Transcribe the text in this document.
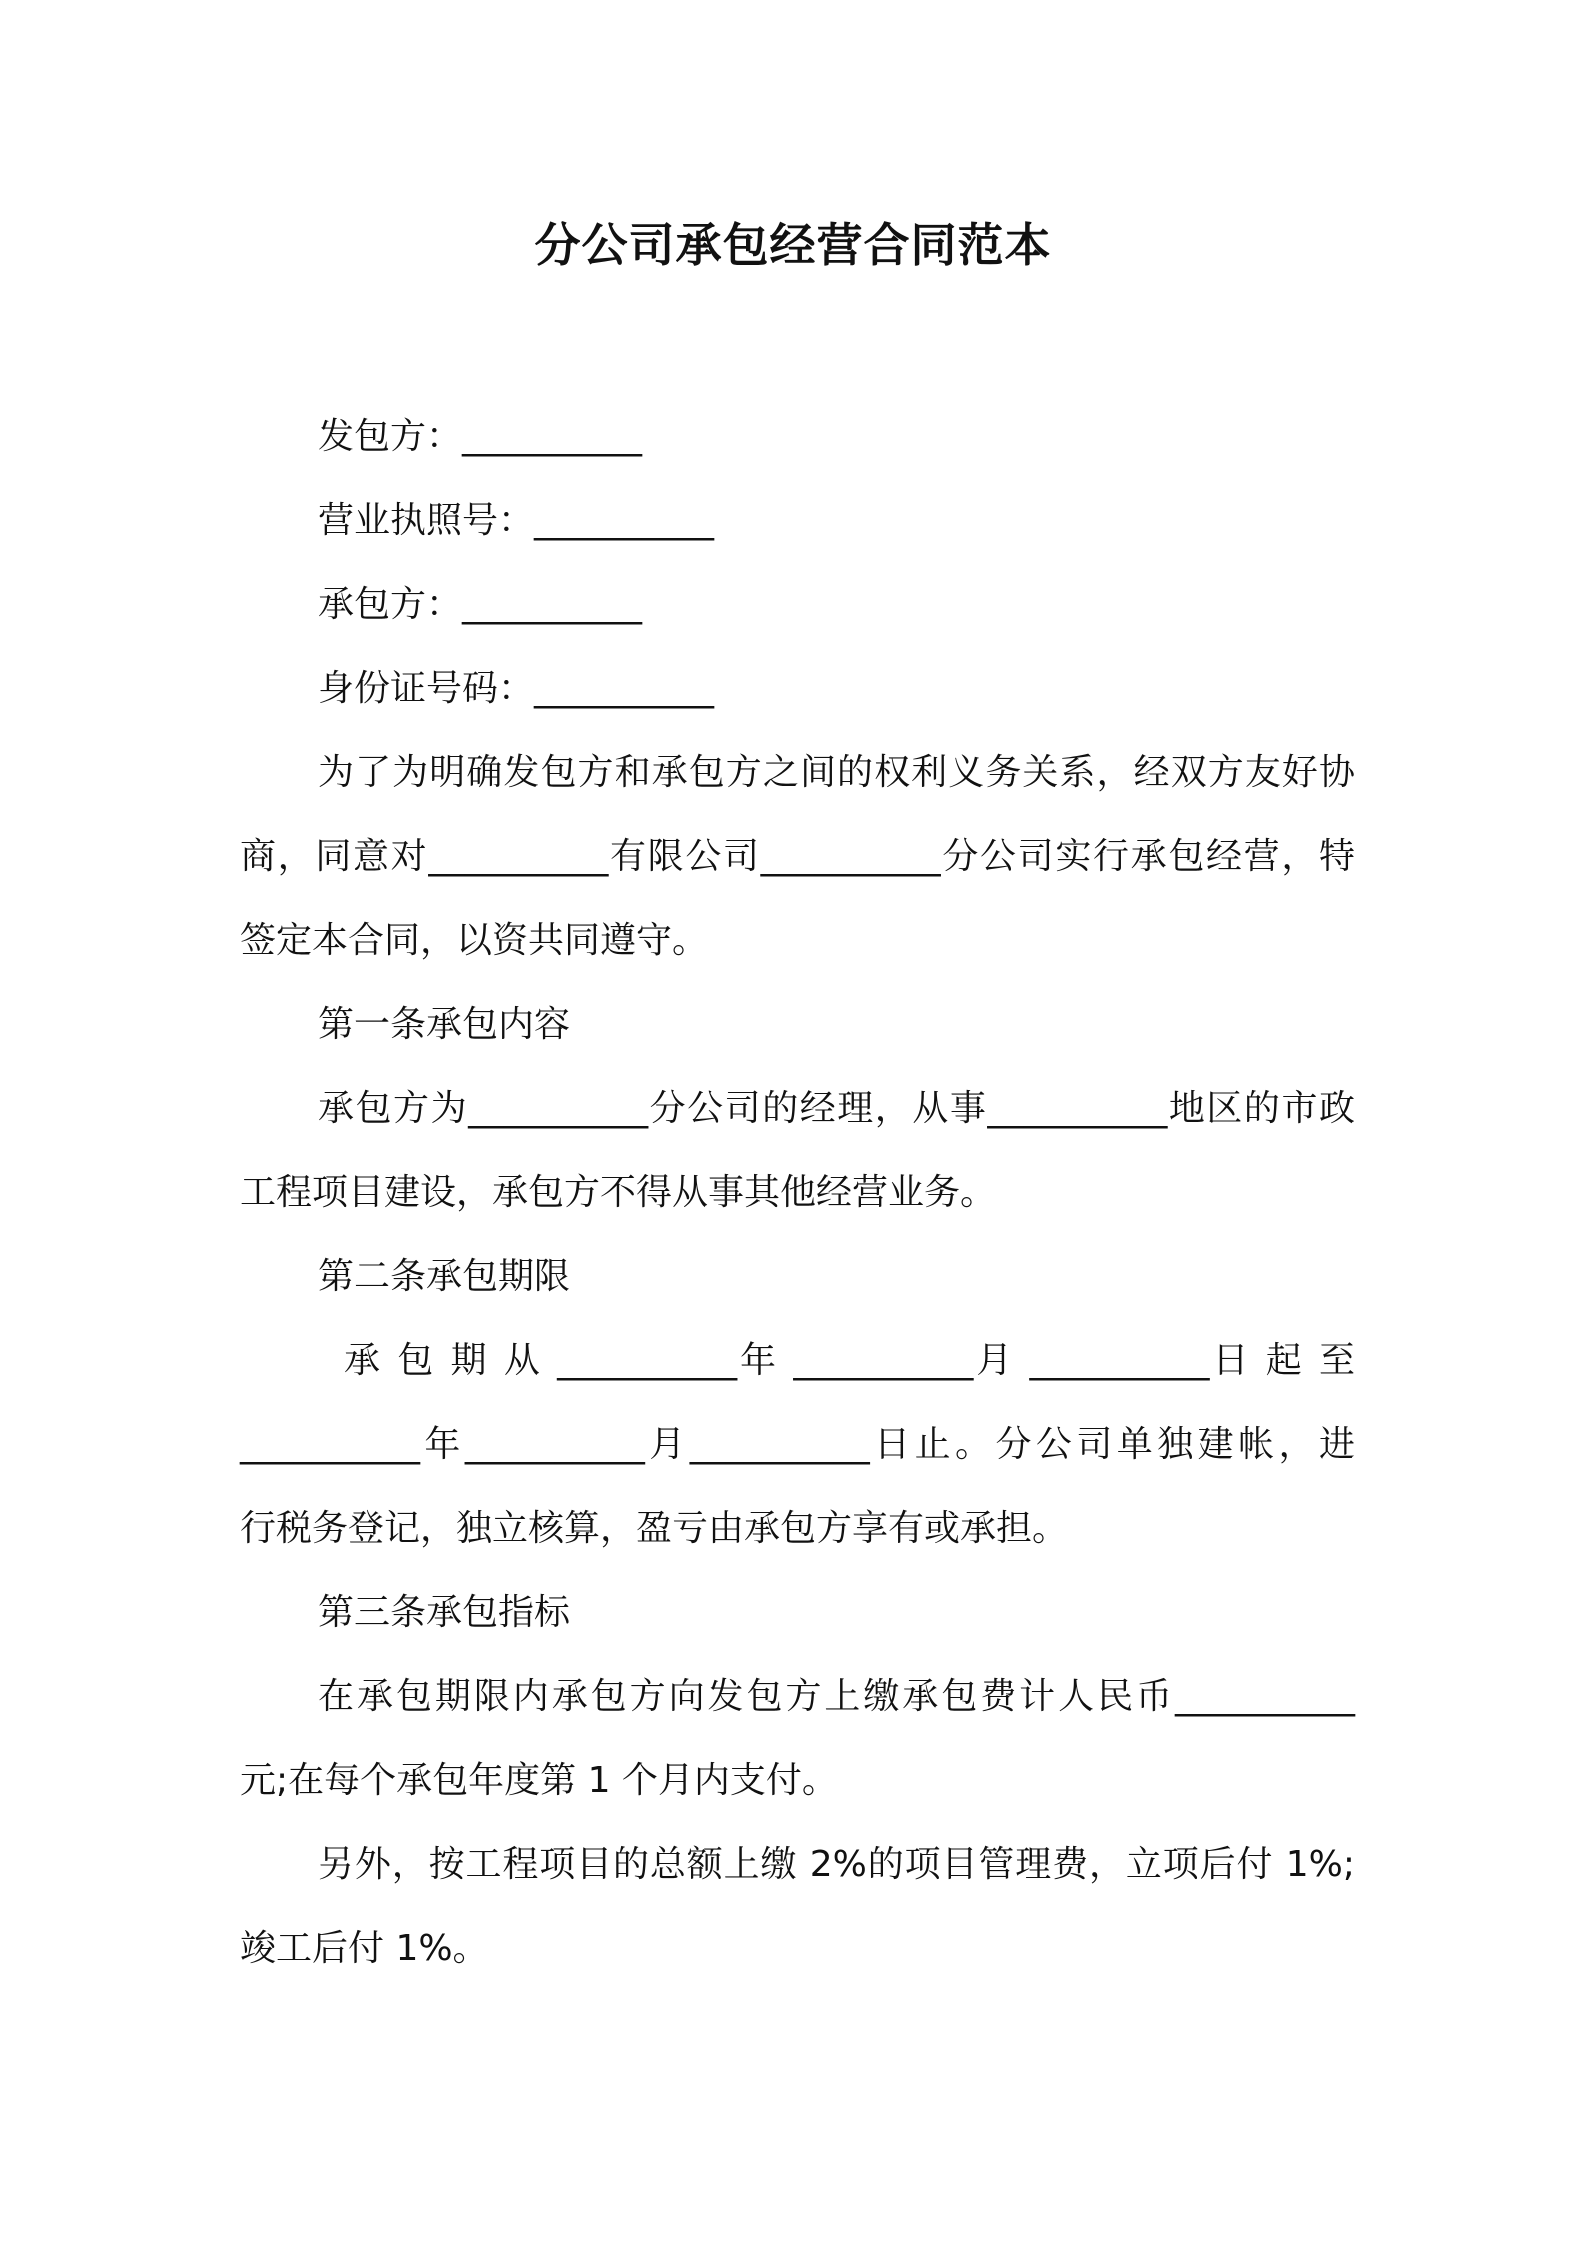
分公司承包经营合同范本
发包方：__________
营业执照号：__________
承包方：__________
身份证号码：__________
为了为明确发包方和承包方之间的权利义务关系，经双方友好协
商，同意对__________有限公司__________分公司实行承包经营，特
签定本合同，以资共同遵守。
第一条承包内容
承包方为__________分公司的经理，从事__________地区的市政
工程项目建设，承包方不得从事其他经营业务。
第二条承包期限
承 包 期 从 __________年 __________月 __________日 起 至
__________年__________月__________日止。分公司单独建帐，进
行税务登记，独立核算，盈亏由承包方享有或承担。
第三条承包指标
在承包期限内承包方向发包方上缴承包费计人民币__________
元;在每个承包年度第 1 个月内支付。
另外，按工程项目的总额上缴 2%的项目管理费，立项后付 1%;
竣工后付 1%。
